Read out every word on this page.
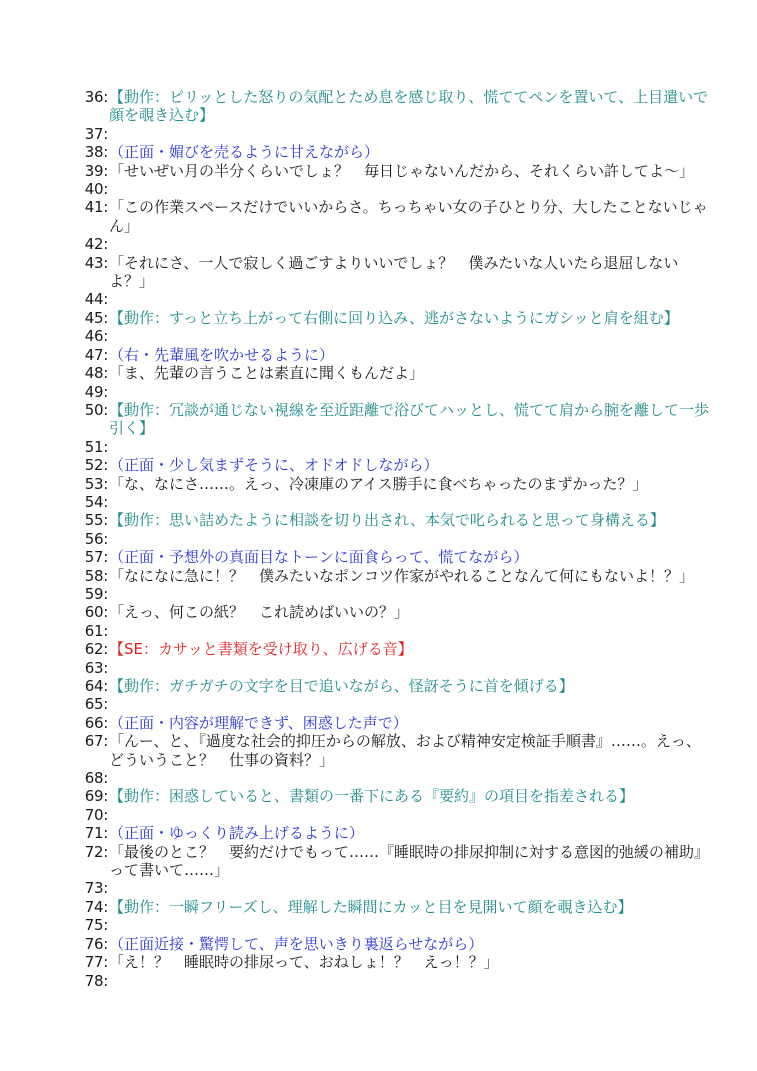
36: 【動作：ピリッとした怒りの気配とため息を感じ取り、慌ててペンを置いて、上目遣いで顔を覗き込む】
37:
38: （正面・媚びを売るように甘えながら）
39: 「せいぜい月の半分くらいでしょ？　毎日じゃないんだから、それくらい許してよ～」
40:
41: 「この作業スペースだけでいいからさ。ちっちゃい女の子ひとり分、大したことないじゃん」
42:
43: 「それにさ、一人で寂しく過ごすよりいいでしょ？　僕みたいな人いたら退屈しないよ？」
44:
45: 【動作：すっと立ち上がって右側に回り込み、逃がさないようにガシッと肩を組む】
46:
47: （右・先輩風を吹かせるように）
48: 「ま、先輩の言うことは素直に聞くもんだよ」
49:
50: 【動作：冗談が通じない視線を至近距離で浴びてハッとし、慌てて肩から腕を離して一歩引く】
51:
52: （正面・少し気まずそうに、オドオドしながら）
53: 「な、なにさ……。えっ、冷凍庫のアイス勝手に食べちゃったのまずかった？」
54:
55: 【動作：思い詰めたように相談を切り出され、本気で叱られると思って身構える】
56:
57: （正面・予想外の真面目なトーンに面食らって、慌てながら）
58: 「なになに急に！？　僕みたいなポンコツ作家がやれることなんて何にもないよ！？」
59:
60: 「えっ、何この紙？　これ読めばいいの？」
61:
62: 【SE：カサッと書類を受け取り、広げる音】
63:
64: 【動作：ガチガチの文字を目で追いながら、怪訝そうに首を傾げる】
65:
66: （正面・内容が理解できず、困惑した声で）
67: 「んー、と、『過度な社会的抑圧からの解放、および精神安定検証手順書』……。えっ、どういうこと？　仕事の資料？」
68:
69: 【動作：困惑していると、書類の一番下にある『要約』の項目を指差される】
70:
71: （正面・ゆっくり読み上げるように）
72: 「最後のとこ？　要約だけでもって……『睡眠時の排尿抑制に対する意図的弛緩の補助』って書いて……」
73:
74: 【動作：一瞬フリーズし、理解した瞬間にカッと目を見開いて顔を覗き込む】
75:
76: （正面近接・驚愕して、声を思いきり裏返らせながら）
77: 「え！？　睡眠時の排尿って、おねしょ！？　えっ！？」
78:
